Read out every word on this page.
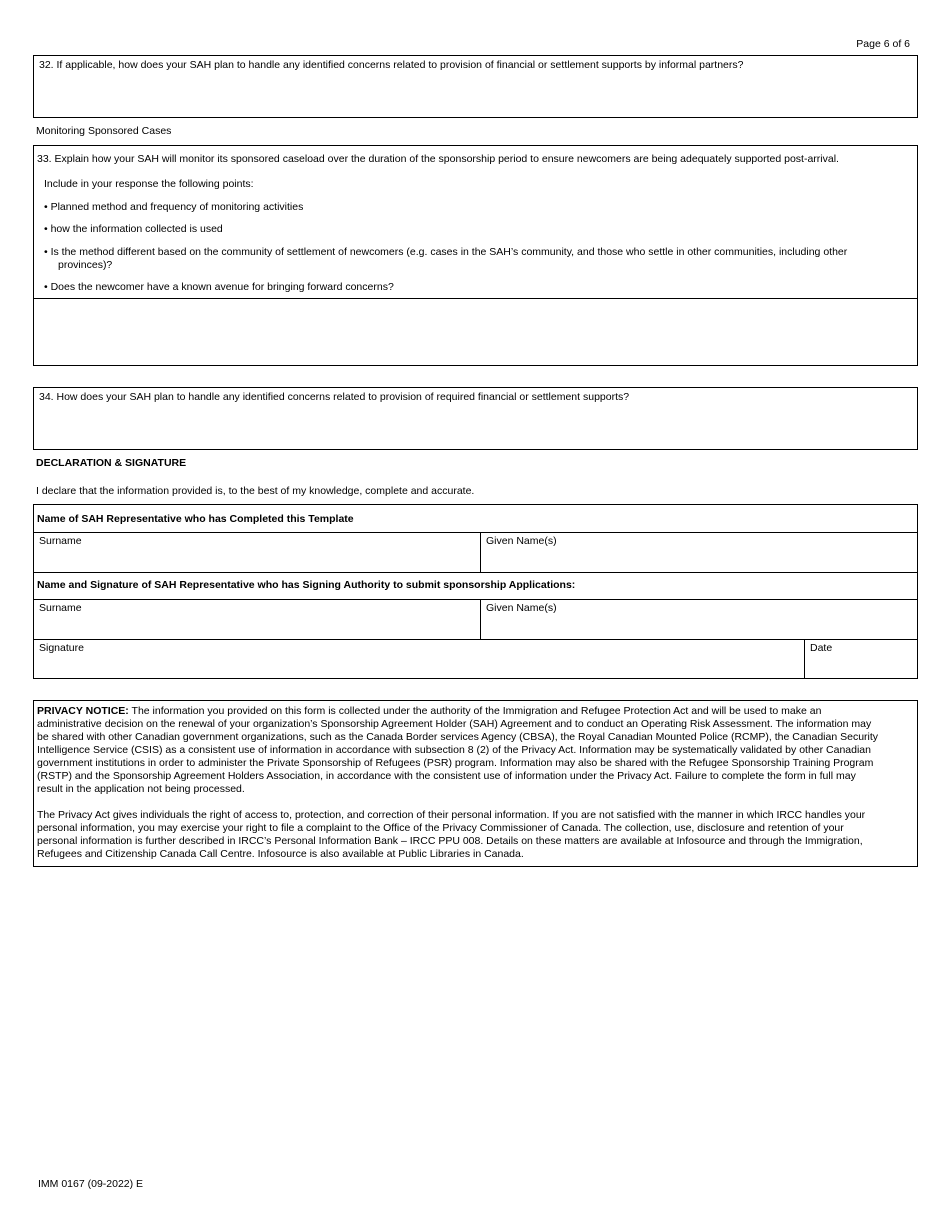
Page 6 of 6
32. If applicable, how does your SAH plan to handle any identified concerns related to provision of financial or settlement supports by informal partners?
Monitoring Sponsored Cases
33. Explain how your SAH will monitor its sponsored caseload over the duration of the sponsorship period to ensure newcomers are being adequately supported post-arrival.
Include in your response the following points:
• Planned method and frequency of monitoring activities
• how the information collected is used
• Is the method different based on the community of settlement of newcomers (e.g. cases in the SAH’s community, and those who settle in other communities, including other
provinces)?
• Does the newcomer have a known avenue for bringing forward concerns?
34. How does your SAH plan to handle any identified concerns related to provision of required financial or settlement supports?
DECLARATION & SIGNATURE
I declare that the information provided is, to the best of my knowledge, complete and accurate.
Name of SAH Representative who has Completed this Template
Surname	Given Name(s)
Name and Signature of SAH Representative who has Signing Authority to submit sponsorship Applications:
Surname	Given Name(s)
Signature	Date
PRIVACY NOTICE: The information you provided on this form is collected under the authority of the Immigration and Refugee Protection Act and will be used to make an
administrative decision on the renewal of your organization’s Sponsorship Agreement Holder (SAH) Agreement and to conduct an Operating Risk Assessment. The information may
be shared with other Canadian government organizations, such as the Canada Border services Agency (CBSA), the Royal Canadian Mounted Police (RCMP), the Canadian Security
Intelligence Service (CSIS) as a consistent use of information in accordance with subsection 8 (2) of the Privacy Act. Information may be systematically validated by other Canadian
government institutions in order to administer the Private Sponsorship of Refugees (PSR) program. Information may also be shared with the Refugee Sponsorship Training Program
(RSTP) and the Sponsorship Agreement Holders Association, in accordance with the consistent use of information under the Privacy Act. Failure to complete the form in full may
result in the application not being processed.
The Privacy Act gives individuals the right of access to, protection, and correction of their personal information. If you are not satisfied with the manner in which IRCC handles your
personal information, you may exercise your right to file a complaint to the Office of the Privacy Commissioner of Canada. The collection, use, disclosure and retention of your
personal information is further described in IRCC’s Personal Information Bank – IRCC PPU 008. Details on these matters are available at Infosource and through the Immigration,
Refugees and Citizenship Canada Call Centre. Infosource is also available at Public Libraries in Canada.
IMM 0167 (09-2022) E
